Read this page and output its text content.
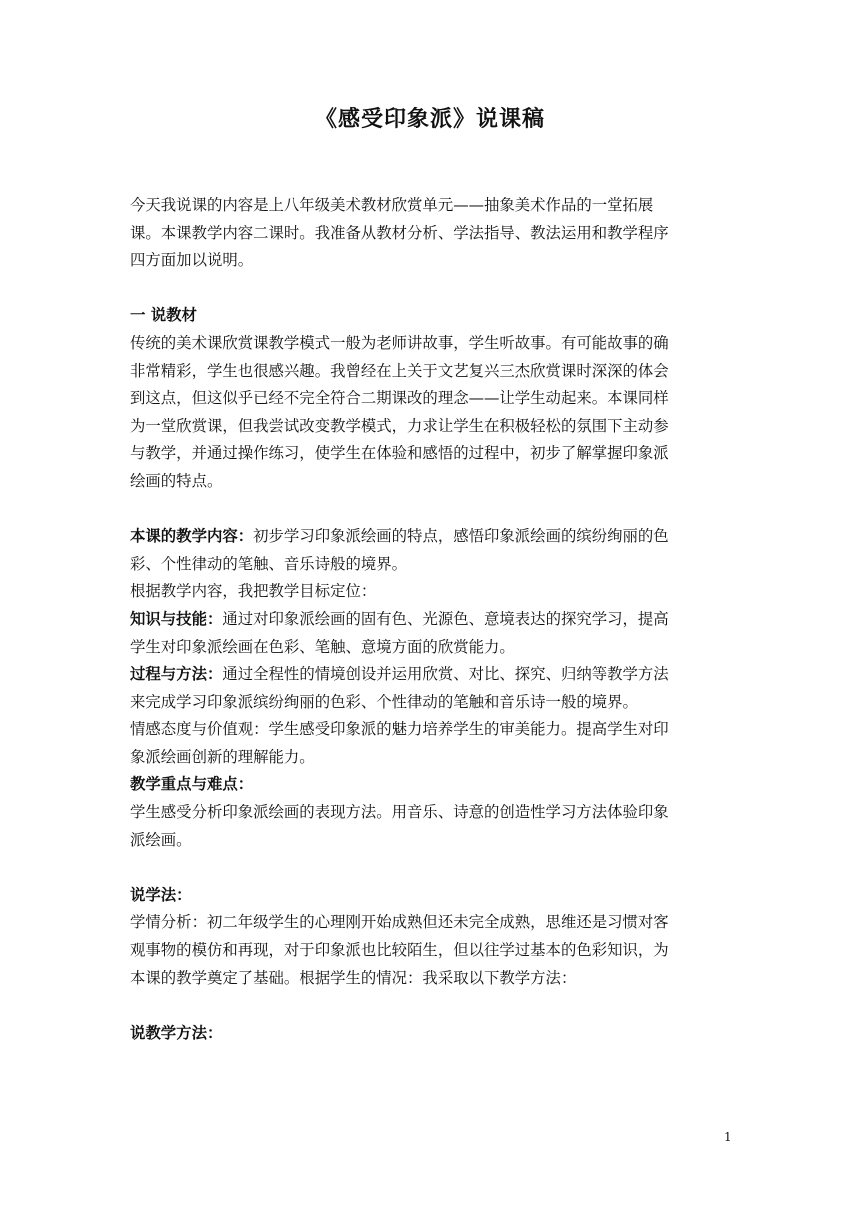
《感受印象派》说课稿
今天我说课的内容是上八年级美术教材欣赏单元——抽象美术作品的一堂拓展
课。本课教学内容二课时。我准备从教材分析、学法指导、教法运用和教学程序
四方面加以说明。
一 说教材
传统的美术课欣赏课教学模式一般为老师讲故事，学生听故事。有可能故事的确
非常精彩，学生也很感兴趣。我曾经在上关于文艺复兴三杰欣赏课时深深的体会
到这点，但这似乎已经不完全符合二期课改的理念——让学生动起来。本课同样
为一堂欣赏课，但我尝试改变教学模式，力求让学生在积极轻松的氛围下主动参
与教学，并通过操作练习，使学生在体验和感悟的过程中，初步了解掌握印象派
绘画的特点。
本课的教学内容：初步学习印象派绘画的特点，感悟印象派绘画的缤纷绚丽的色
彩、个性律动的笔触、音乐诗般的境界。
根据教学内容，我把教学目标定位：
知识与技能：通过对印象派绘画的固有色、光源色、意境表达的探究学习，提高
学生对印象派绘画在色彩、笔触、意境方面的欣赏能力。
过程与方法：通过全程性的情境创设并运用欣赏、对比、探究、归纳等教学方法
来完成学习印象派缤纷绚丽的色彩、个性律动的笔触和音乐诗一般的境界。
情感态度与价值观：学生感受印象派的魅力培养学生的审美能力。提高学生对印
象派绘画创新的理解能力。
教学重点与难点：
学生感受分析印象派绘画的表现方法。用音乐、诗意的创造性学习方法体验印象
派绘画。
说学法：
学情分析：初二年级学生的心理刚开始成熟但还未完全成熟，思维还是习惯对客
观事物的模仿和再现，对于印象派也比较陌生，但以往学过基本的色彩知识，为
本课的教学奠定了基础。根据学生的情况：我采取以下教学方法：
说教学方法：
1
